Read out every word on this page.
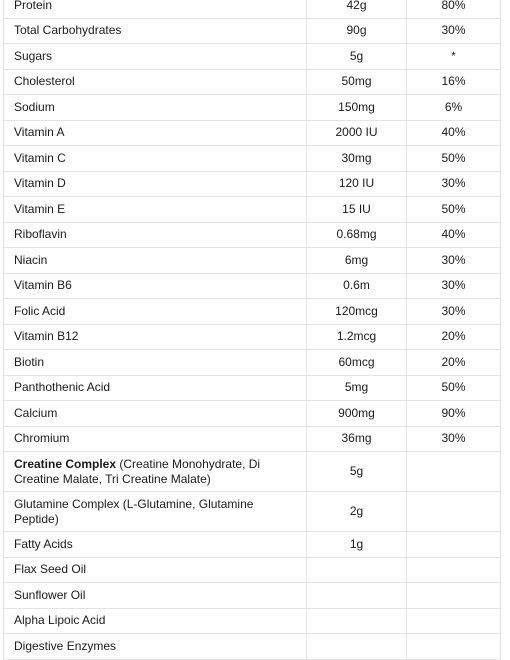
Protein	42g	80%
Total Carbohydrates	90g	30%
Sugars	5g	*
Cholesterol	50mg	16%
Sodium	150mg	6%
Vitamin A	2000 IU	40%
Vitamin C	30mg	50%
Vitamin D	120 IU	30%
Vitamin E	15 IU	50%
Riboflavin	0.68mg	40%
Niacin	6mg	30%
Vitamin B6	0.6m	30%
Folic Acid	120mcg	30%
Vitamin B12	1.2mcg	20%
Biotin	60mcg	20%
Panthothenic Acid	5mg	50%
Calcium	900mg	90%
Chromium	36mg	30%
Creatine Complex (Creatine Monohydrate, Di Creatine Malate, Tri Creatine Malate)	5g	
Glutamine Complex (L-Glutamine, Glutamine Peptide)	2g	
Fatty Acids	1g	
Flax Seed Oil		
Sunflower Oil		
Alpha Lipoic Acid		
Digestive Enzymes		
